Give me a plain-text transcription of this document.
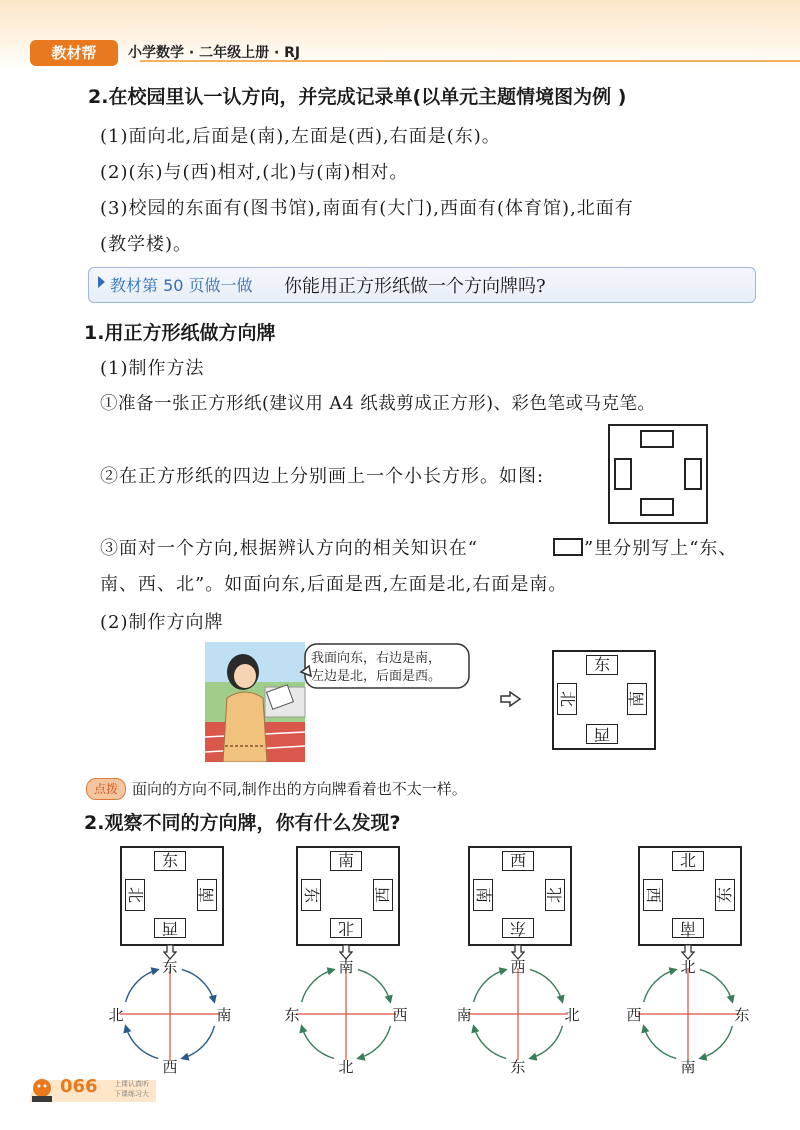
教材帮	小学数学 · 二年级上册 · RJ
2.在校园里认一认方向，并完成记录单(以单元主题情境图为例 )
(1)面向北,后面是(南),左面是(西),右面是(东)。
(2)(东)与(西)相对,(北)与(南)相对。
(3)校园的东面有(图书馆),南面有(大门),西面有(体育馆),北面有
(教学楼)。
教材第 50 页做一做 你能用正方形纸做一个方向牌吗?
1.用正方形纸做方向牌
(1)制作方法
①准备一张正方形纸(建议用 A4 纸裁剪成正方形)、彩色笔或马克笔。
②在正方形纸的四边上分别画上一个小长方形。如图:
③面对一个方向,根据辨认方向的相关知识在“	”里分别写上“东、
南、西、北”。如面向东,后面是西,左面是北,右面是南。
(2)制作方向牌
我面向东，右边是南，
左边是北，后面是西。
东
西
北	南
点拨 面向的方向不同,制作出的方向牌看着也不太一样。
2.观察不同的方向牌，你有什么发现?
东
西
北	南
东
南
西
北
南
北
东	西
南
西
北
东
西
东
南	北
西
北
东
南
北
南
西	东
北
东
南
西
066 上课认真听
下课练习大
